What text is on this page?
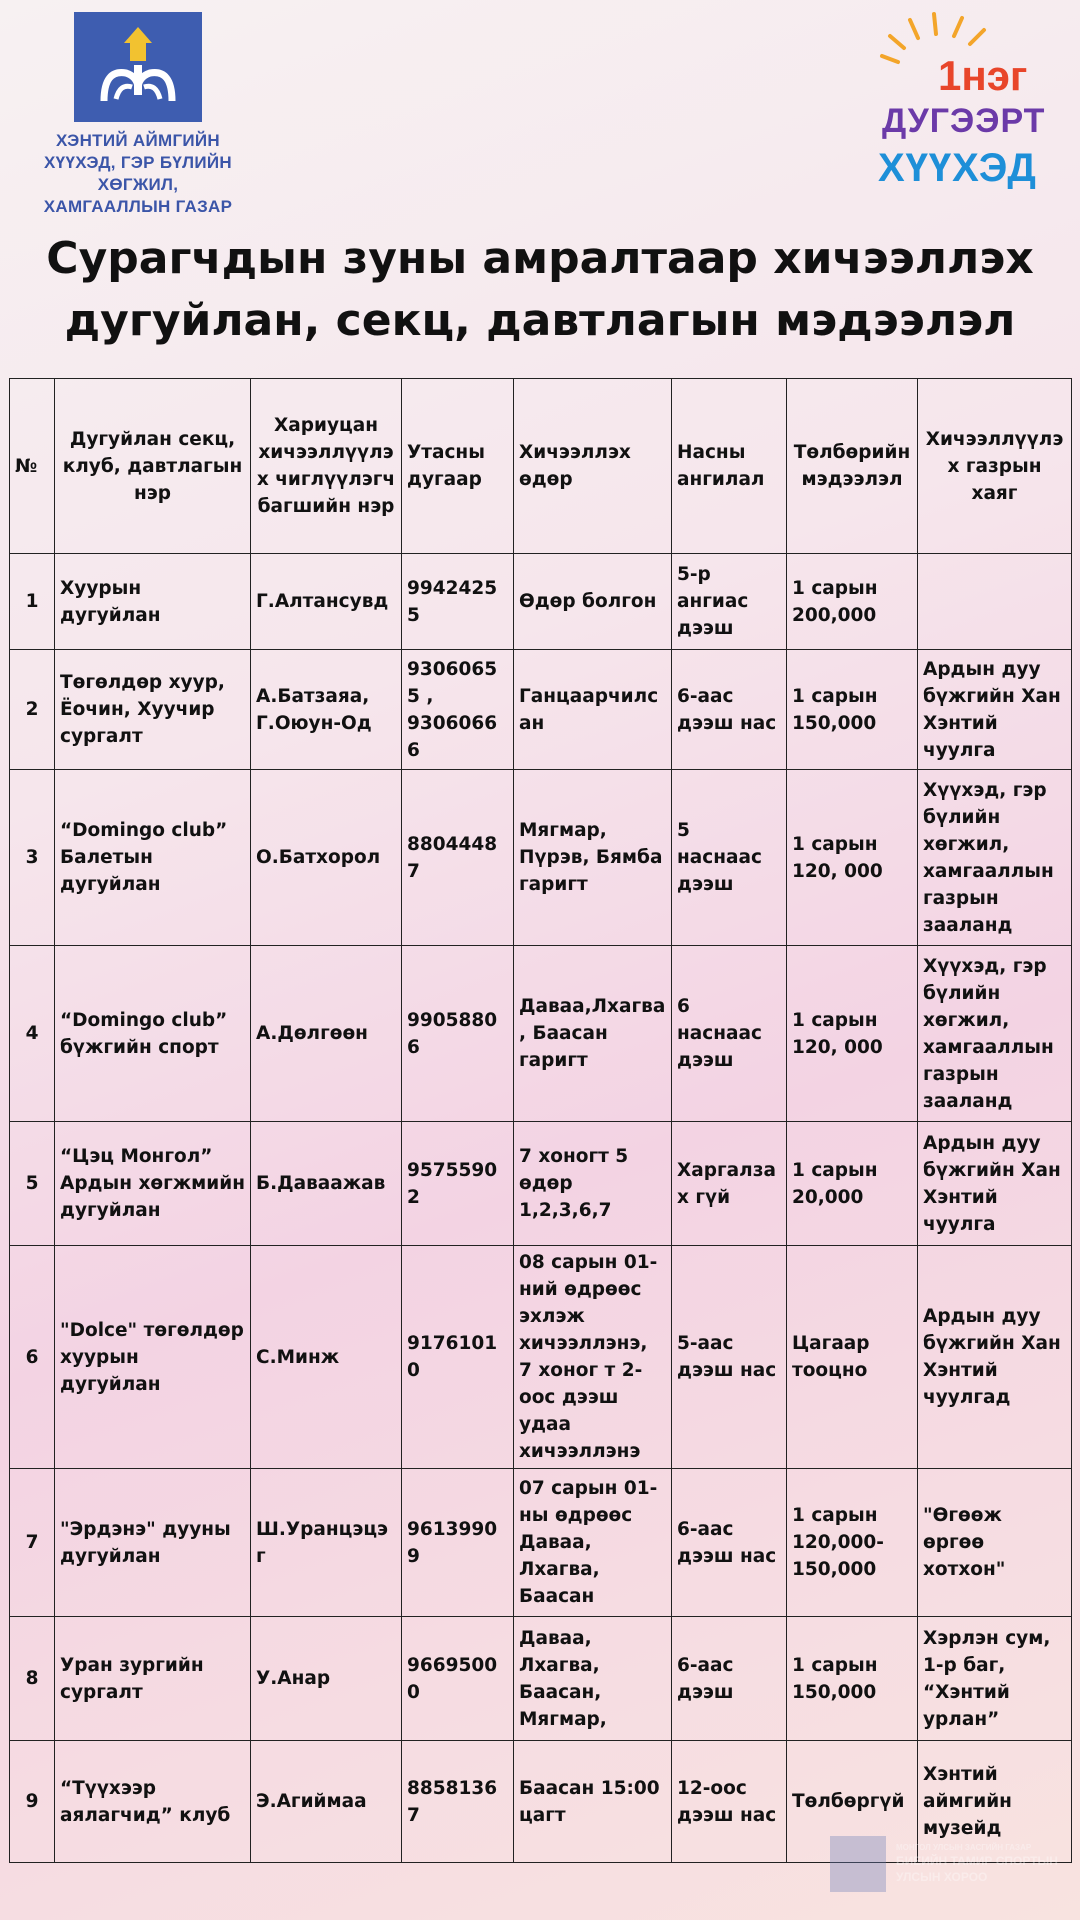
ХЭНТИЙ АЙМГИЙН
ХҮҮХЭД, ГЭР БҮЛИЙН ХӨГЖИЛ,
ХАМГААЛЛЫН ГАЗАР
1нэг
ДУГЭЭРТ
ХҮҮХЭД
Сурагчдын зуны амралтаар хичээллэх
дугуйлан, секц, давтлагын мэдээлэл
№	Дугуйлан секц, клуб, давтлагын нэр	Хариуцан хичээллүүлэх чиглүүлэгч багшийн нэр	Утасны дугаар	Хичээллэх өдөр	Насны ангилал	Төлбөрийн мэдээлэл	Хичээллүүлэх газрын хаяг
1	Хуурын дугуйлан	Г.Алтансувд	99424255	Өдөр болгон	5-р ангиас дээш	1 сарын 200,000	
2	Төгөлдөр хуур, Ёочин, Хуучир сургалт	А.Батзаяа, Г.Оюун-Од	93060655 , 93060666	Ганцаарчилсан	6-аас дээш нас	1 сарын 150,000	Ардын дуу бүжгийн Хан Хэнтий чуулга
3	“Domingo club” Балетын дугуйлан	О.Батхорол	88044487	Мягмар, Пүрэв, Бямба гаригт	5 наснаас дээш	1 сарын 120, 000	Хүүхэд, гэр бүлийн хөгжил, хамгааллын газрын зааланд
4	“Domingo club” бүжгийн спорт	А.Дөлгөөн	99058806	Даваа,Лхагва, Баасан гаригт	6 наснаас дээш	1 сарын 120, 000	Хүүхэд, гэр бүлийн хөгжил, хамгааллын газрын зааланд
5	“Цэц Монгол” Ардын хөгжмийн дугуйлан	Б.Даваажав	95755902	7 хоногт 5 өдөр 1,2,3,6,7	Харгалзах гүй	1 сарын 20,000	Ардын дуу бүжгийн Хан Хэнтий чуулга
6	"Dolce" төгөлдөр хуурын дугуйлан	С.Минж	91761010	08 сарын 01-ний өдрөөс эхлэж хичээллэнэ, 7 хоног т 2-оос дээш удаа хичээллэнэ	5-аас дээш нас	Цагаар тооцно	Ардын дуу бүжгийн Хан Хэнтий чуулгад
7	"Эрдэнэ" дууны дугуйлан	Ш.Уранцэцэг	96139909	07 сарын 01-ны өдрөөс Даваа, Лхагва, Баасан	6-аас дээш нас	1 сарын 120,000-150,000	"Өгөөж өргөө хотхон"
8	Уран зургийн сургалт	У.Анар	96695000	Даваа, Лхагва, Баасан, Мягмар,	6-аас дээш	1 сарын 150,000	Хэрлэн сум, 1-р баг, “Хэнтий урлан”
9	“Түүхээр аялагчид” клуб	Э.Агиймаа	88581367	Баасан 15:00 цагт	12-оос дээш нас	Төлбөргүй	Хэнтий аймгийн музейд
МОНГОЛ УЛСЫН ЗАСГИЙН ГАЗАР
БИЕИЙН ТАМИР СПОРТЫН
УЛСЫН ХОРОО
